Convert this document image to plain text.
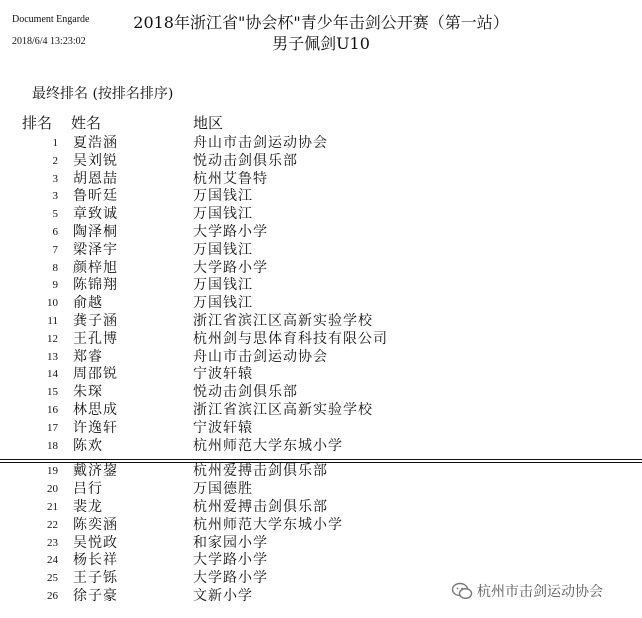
Document Engarde
2018/6/4 13:23:02
2018年浙江省"协会杯"青少年击剑公开赛（第一站）
男子佩剑U10
最终排名 (按排名排序)
排名 姓名	地区
1 夏浩涵	舟山市击剑运动协会
2 吴刘锐	悦动击剑俱乐部
3 胡恩喆	杭州艾鲁特
3 鲁昕廷	万国钱江
5 章致诚	万国钱江
6 陶泽桐	大学路小学
7 梁泽宇	万国钱江
8 颜梓旭	大学路小学
9 陈锦翔	万国钱江
10 俞越	万国钱江
11 龚子涵	浙江省滨江区高新实验学校
12 王孔博	杭州剑与思体育科技有限公司
13 郑睿	舟山市击剑运动协会
14 周邵锐	宁波轩辕
15 朱琛	悦动击剑俱乐部
16 林思成	浙江省滨江区高新实验学校
17 许逸轩	宁波轩辕
18 陈欢	杭州师范大学东城小学
19 戴济鋆	杭州爱搏击剑俱乐部
20 吕行	万国德胜
21 裴龙	杭州爱搏击剑俱乐部
22 陈奕涵	杭州师范大学东城小学
23 吴悦政	和家园小学
24 杨长祥	大学路小学
25 王子铄	大学路小学
26 徐子豪	文新小学	杭州市击剑运动协会
